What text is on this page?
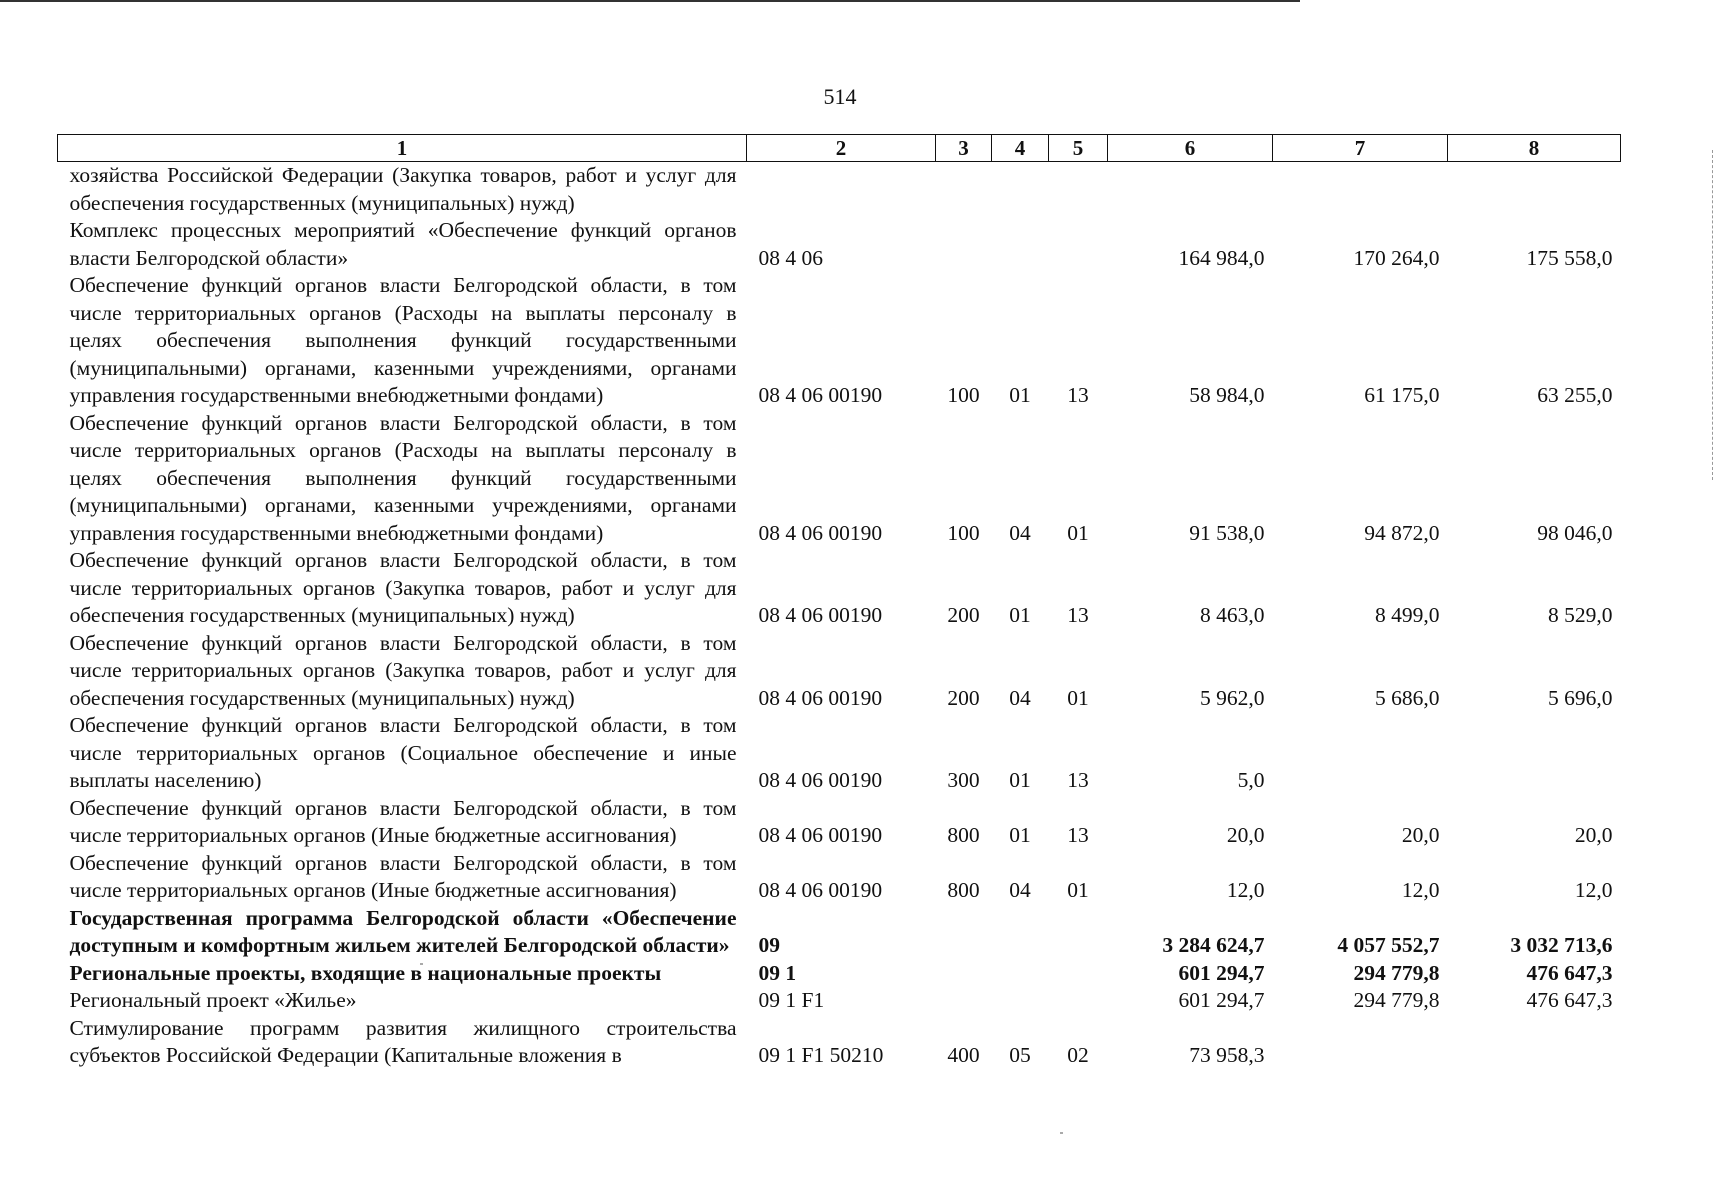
514
1	2	3	4	5	6	7	8
хозяйства Российской Федерации (Закупка товаров, работ и услуг для обеспечения государственных (муниципальных) нужд)							
Комплекс процессных мероприятий «Обеспечение функций органов власти Белгородской области»	08 4 06				164 984,0	170 264,0	175 558,0
Обеспечение функций органов власти Белгородской области, в том числе территориальных органов (Расходы на выплаты персоналу в целях обеспечения выполнения функций государственными (муниципальными) органами, казенными учреждениями, органами управления государственными внебюджетными фондами)	08 4 06 00190	100	01	13	58 984,0	61 175,0	63 255,0
Обеспечение функций органов власти Белгородской области, в том числе территориальных органов (Расходы на выплаты персоналу в целях обеспечения выполнения функций государственными (муниципальными) органами, казенными учреждениями, органами управления государственными внебюджетными фондами)	08 4 06 00190	100	04	01	91 538,0	94 872,0	98 046,0
Обеспечение функций органов власти Белгородской области, в том числе территориальных органов (Закупка товаров, работ и услуг для обеспечения государственных (муниципальных) нужд)	08 4 06 00190	200	01	13	8 463,0	8 499,0	8 529,0
Обеспечение функций органов власти Белгородской области, в том числе территориальных органов (Закупка товаров, работ и услуг для обеспечения государственных (муниципальных) нужд)	08 4 06 00190	200	04	01	5 962,0	5 686,0	5 696,0
Обеспечение функций органов власти Белгородской области, в том числе территориальных органов (Социальное обеспечение и иные выплаты населению)	08 4 06 00190	300	01	13	5,0		
Обеспечение функций органов власти Белгородской области, в том числе территориальных органов (Иные бюджетные ассигнования)	08 4 06 00190	800	01	13	20,0	20,0	20,0
Обеспечение функций органов власти Белгородской области, в том числе территориальных органов (Иные бюджетные ассигнования)	08 4 06 00190	800	04	01	12,0	12,0	12,0
Государственная программа Белгородской области «Обеспечение доступным и комфортным жильем жителей Белгородской области»	09				3 284 624,7	4 057 552,7	3 032 713,6
Региональные проекты, входящие в национальные проекты	09 1				601 294,7	294 779,8	476 647,3
Региональный проект «Жилье»	09 1 F1				601 294,7	294 779,8	476 647,3
Стимулирование программ развития жилищного строительства субъектов Российской Федерации (Капитальные вложения в	09 1 F1 50210	400	05	02	73 958,3		
